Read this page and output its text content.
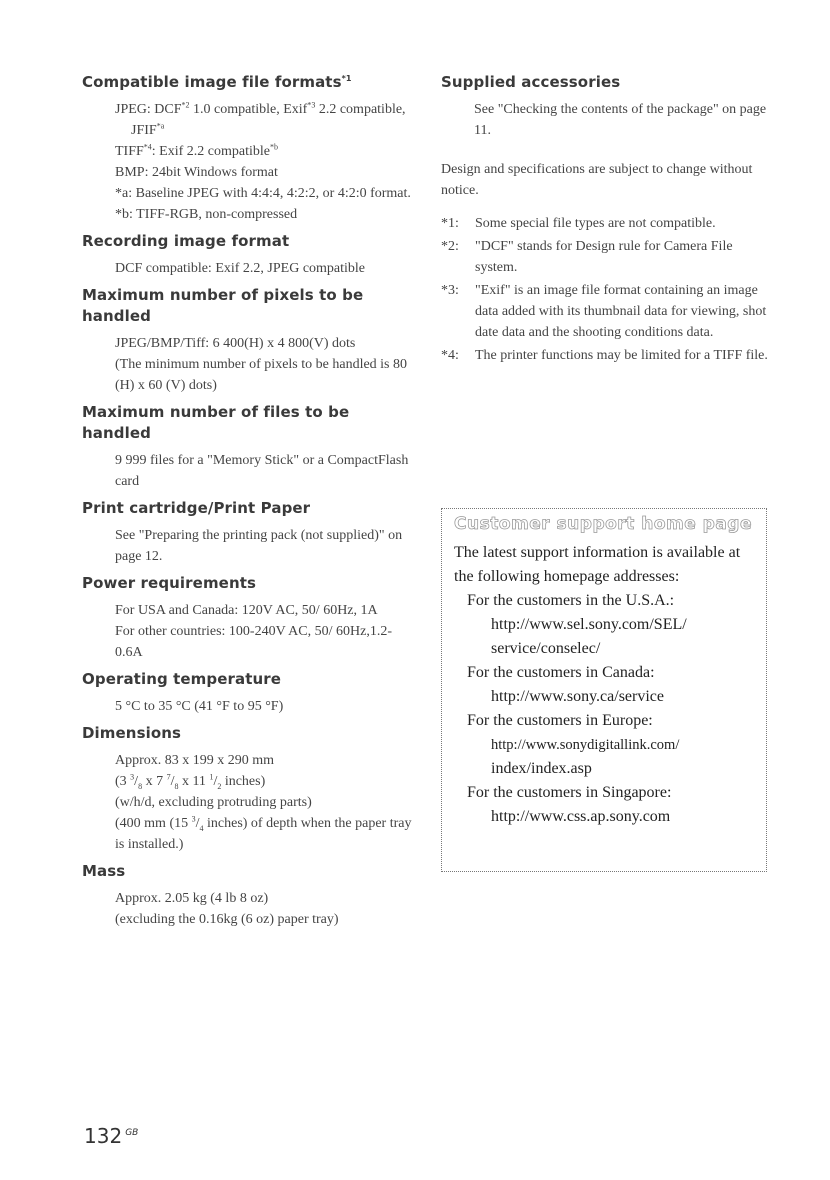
Compatible image file formats$^{*1}$

JPEG: DCF$^{*2}$ 1.0 compatible, Exif$^{*3}$ 2.2 compatible, JFIF$^{*a}$

TIFF$^{*4}$: Exif 2.2 compatible$^{*b}$

BMP: 24bit Windows format

*a: Baseline JPEG with 4:4:4, 4:2:2, or 4:2:0 format.

*b: TIFF-RGB, non-compressed

Recording image format

DCF compatible: Exif 2.2, JPEG compatible

Maximum number of pixels to be handled

JPEG/BMP/Tiff: 6 400(H) x 4 800(V) dots

(The minimum number of pixels to be handled is 80 (H) x 60 (V) dots)

Maximum number of files to be handled

9 999 files for a "Memory Stick" or a CompactFlash card

Print cartridge/Print Paper

See "Preparing the printing pack (not supplied)" on page 12.

Power requirements

For USA and Canada: 120V AC, 50/ 60Hz, 1A

For other countries: 100-240V AC, 50/ 60Hz,1.2-0.6A

Operating temperature

5 °C to 35 °C (41 °F to 95 °F)

Dimensions

Approx. 83 x 199 x 290 mm

(3 $^3/_8$ x 7 $^7/_8$ x 11 $^1/_2$ inches)

(w/h/d, excluding protruding parts)

(400 mm (15 $^3/_4$ inches) of depth when the paper tray is installed.)

Mass

Approx. 2.05 kg (4 lb 8 oz)

(excluding the 0.16kg (6 oz) paper tray)

Supplied accessories

See "Checking the contents of the package" on page 11.

Design and specifications are subject to change without notice.

*1:	Some special file types are not compatible.
*2:	"DCF" stands for Design rule for Camera File system.
*3:	"Exif" is an image file format containing an image data added with its thumbnail data for viewing, shot date data and the shooting conditions data.
*4:	The printer functions may be limited for a TIFF file.
Customer support home page

The latest support information is available at the following homepage addresses:

For the customers in the U.S.A.:

http://www.sel.sony.com/SEL/

service/conselec/

For the customers in Canada:

http://www.sony.ca/service

For the customers in Europe:

http://www.sonydigitallink.com/

index/index.asp

For the customers in Singapore:

http://www.css.ap.sony.com

132 $^{GB}$
